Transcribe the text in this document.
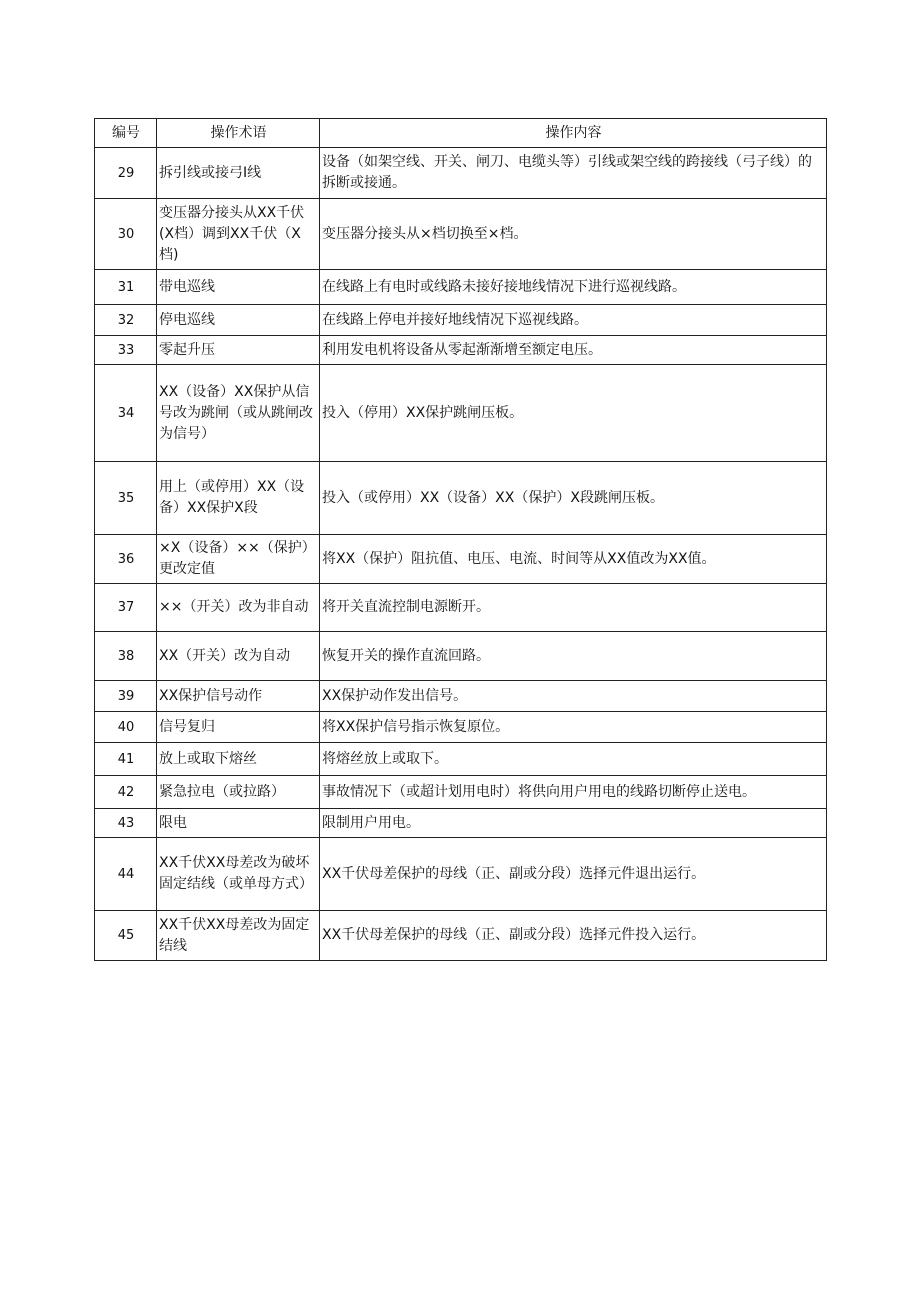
编号	操作术语	操作内容
29	拆引线或接弓I线	设备（如架空线、开关、闸刀、电缆头等）引线或架空线的跨接线（弓子线）的拆断或接通。

30	变压器分接头从XX千伏(X档）调到XX千伏（X档)	变压器分接头从×档切换至×档。

31	带电巡线	在线路上有电时或线路未接好接地线情况下进行巡视线路。

32	停电巡线	在线路上停电并接好地线情况下巡视线路。

33	零起升压	利用发电机将设备从零起渐渐增至额定电压。

34	XX（设备）XX保护从信号改为跳闸（或从跳闸改为信号）	投入（停用）XX保护跳闸压板。

35	用上（或停用）XX（设备）XX保护X段	投入（或停用）XX（设备）XX（保护）X段跳闸压板。

36	×X（设备）××（保护）更改定值	将XX（保护）阻抗值、电压、电流、时间等从XX值改为XX值。

37	××（开关）改为非自动	将开关直流控制电源断开。

38	XX（开关）改为自动	恢复开关的操作直流回路。

39	XX保护信号动作	XX保护动作发出信号。

40	信号复归	将XX保护信号指示恢复原位。

41	放上或取下熔丝	将熔丝放上或取下。

42	紧急拉电（或拉路）	事故情况下（或超计划用电时）将供向用户用电的线路切断停止送电。

43	限电	限制用户用电。

44	XX千伏XX母差改为破坏固定结线（或单母方式）	XX千伏母差保护的母线（正、副或分段）选择元件退出运行。

45	XX千伏XX母差改为固定结线	XX千伏母差保护的母线（正、副或分段）选择元件投入运行。
